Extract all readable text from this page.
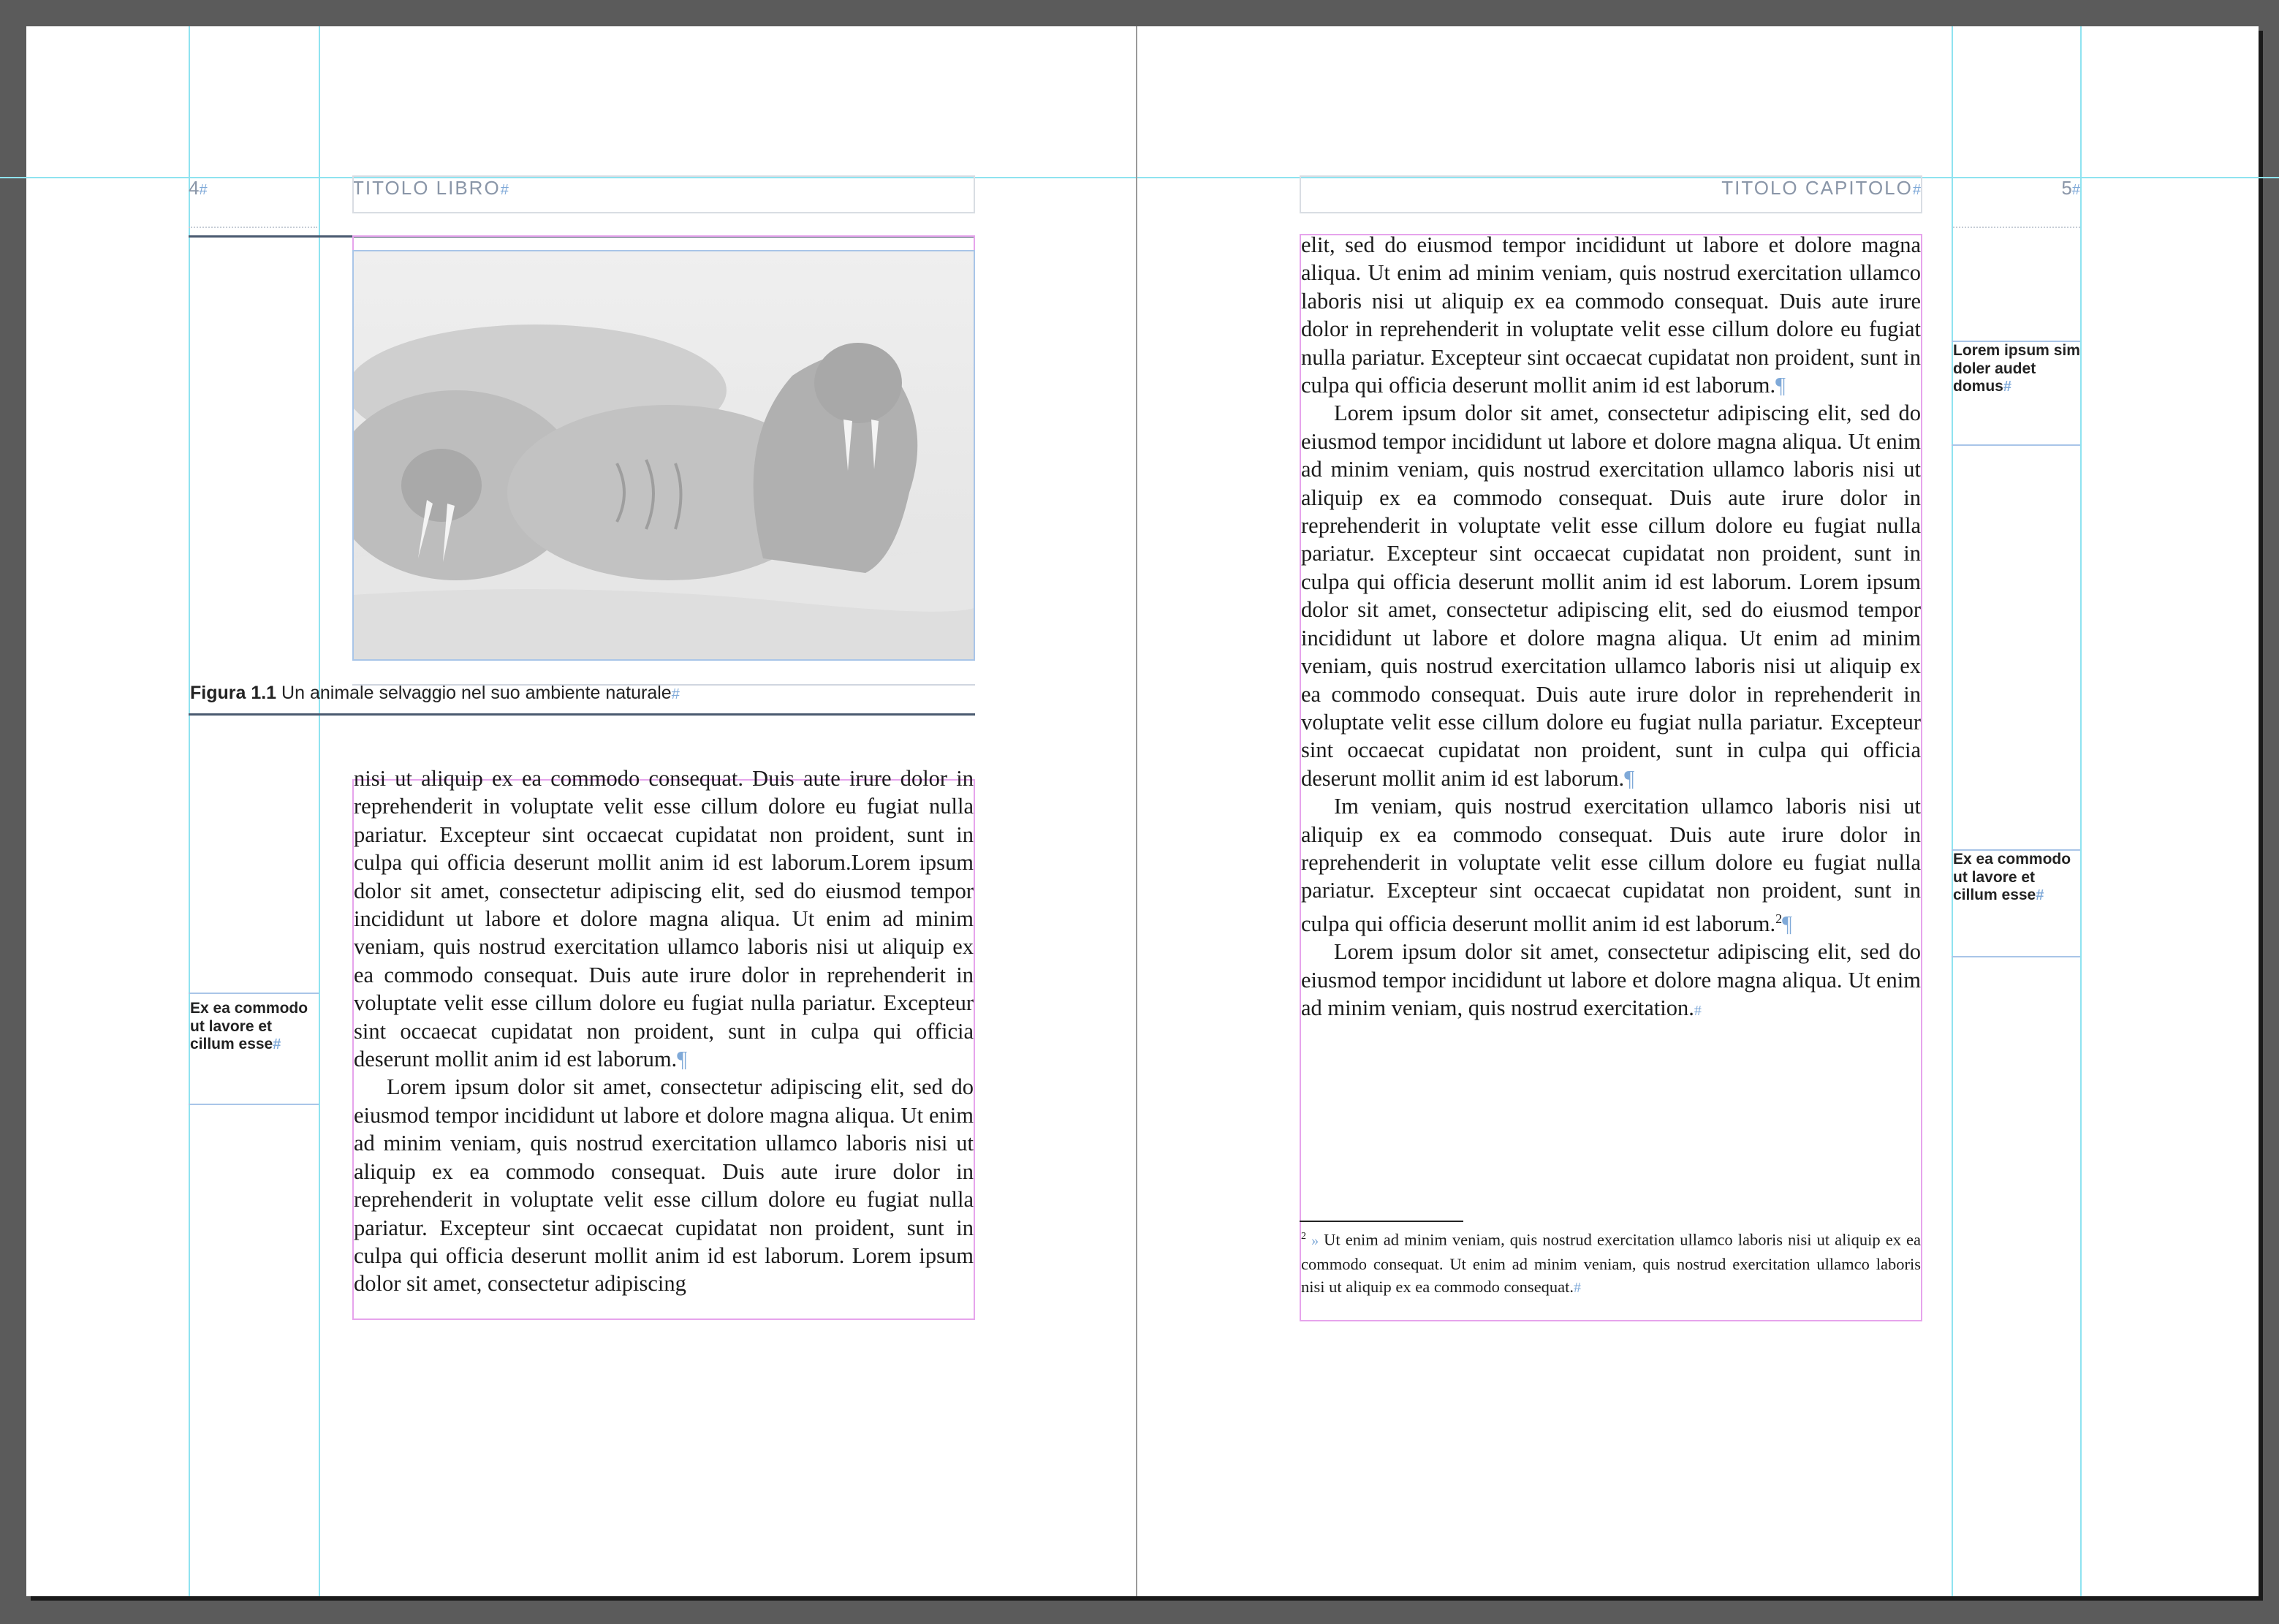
4#	TITOLO LIBRO#
Figura 1.1 Un animale selvaggio nel suo ambiente naturale#
Ex ea commodo ut lavore et cillum esse#

nisi ut aliquip ex ea commodo consequat. Duis aute irure dolor in reprehenderit in voluptate velit esse cillum dolore eu fugiat nulla pariatur. Excepteur sint occaecat cupidatat non proident, sunt in culpa qui officia deserunt mollit anim id est laborum.Lorem ipsum dolor sit amet, consectetur adipiscing elit, sed do eiusmod tempor incididunt ut labore et dolore magna aliqua. Ut enim ad minim veniam, quis nostrud exercitation ullamco laboris nisi ut aliquip ex ea commodo consequat. Duis aute irure dolor in reprehenderit in voluptate velit esse cillum dolore eu fugiat nulla pariatur. Excepteur sint occaecat cupidatat non proident, sunt in culpa qui officia deserunt mollit anim id est laborum.¶

Lorem ipsum dolor sit amet, consectetur adipiscing elit, sed do eiusmod tempor incididunt ut labore et dolore magna aliqua. Ut enim ad minim veniam, quis nostrud exercitation ullamco laboris nisi ut aliquip ex ea commodo consequat. Duis aute irure dolor in reprehenderit in voluptate velit esse cillum dolore eu fugiat nulla pariatur. Excepteur sint occaecat cupidatat non proident, sunt in culpa qui officia deserunt mollit anim id est laborum. Lorem ipsum dolor sit amet, consectetur adipiscing

TITOLO CAPITOLO#	5#
Lorem ipsum sim doler audet domus#
Ex ea commodo ut lavore et cillum esse#

elit, sed do eiusmod tempor incididunt ut labore et dolore magna aliqua. Ut enim ad minim veniam, quis nostrud exercitation ullamco laboris nisi ut aliquip ex ea commodo consequat. Duis aute irure dolor in reprehenderit in voluptate velit esse cillum dolore eu fugiat nulla pariatur. Excepteur sint occaecat cupidatat non proident, sunt in culpa qui officia deserunt mollit anim id est laborum.¶

Lorem ipsum dolor sit amet, consectetur adipiscing elit, sed do eiusmod tempor incididunt ut labore et dolore magna aliqua. Ut enim ad minim veniam, quis nostrud exercitation ullamco laboris nisi ut aliquip ex ea commodo consequat. Duis aute irure dolor in reprehenderit in voluptate velit esse cillum dolore eu fugiat nulla pariatur. Excepteur sint occaecat cupidatat non proident, sunt in culpa qui officia deserunt mollit anim id est laborum. Lorem ipsum dolor sit amet, consectetur adipiscing elit, sed do eiusmod tempor incididunt ut labore et dolore magna aliqua. Ut enim ad minim veniam, quis nostrud exercitation ullamco laboris nisi ut aliquip ex ea commodo consequat. Duis aute irure dolor in reprehenderit in voluptate velit esse cillum dolore eu fugiat nulla pariatur. Excepteur sint occaecat cupidatat non proident, sunt in culpa qui officia deserunt mollit anim id est laborum.¶

Im veniam, quis nostrud exercitation ullamco laboris nisi ut aliquip ex ea commodo consequat. Duis aute irure dolor in reprehenderit in voluptate velit esse cillum dolore eu fugiat nulla pariatur. Excepteur sint occaecat cupidatat non proident, sunt in culpa qui officia deserunt mollit anim id est laborum.$^2$¶

Lorem ipsum dolor sit amet, consectetur adipiscing elit, sed do eiusmod tempor incididunt ut labore et dolore magna aliqua. Ut enim ad minim veniam, quis nostrud exercitation.#

$^2$ » Ut enim ad minim veniam, quis nostrud exercitation ullamco laboris nisi ut aliquip ex ea commodo consequat. Ut enim ad minim veniam, quis nostrud exercitation ullamco laboris nisi ut aliquip ex ea commodo consequat.#
